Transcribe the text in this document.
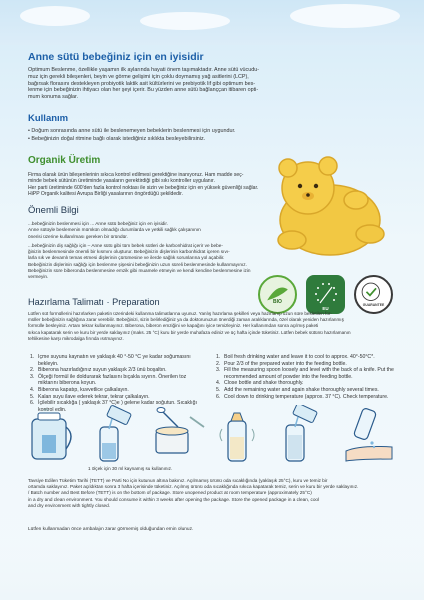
Anne sütü bebeğiniz için en iyisidir
Optimum Beslenme, özellikle yaşamın ilk aylarında hayati önem taşımaktadır. Anne sütü vücudu-
muz için gerekli bileşenleri, beyin ve görme gelişimi için çoklu doymamış yağ asitlerini (LCP),
bağırsak florasını destekleyen probiyotik laktik asit kültürlerini ve prebiyotik lif gibi optimum bes-
lenme için bebeğinizin ihtiyacı olan her şeyi içerir. Bu yüzden anne sütü bağlanççan itibaren opti-
mum konuma sağlar.
Kullanım
• Doğum sonrasında anne sütü ile beslenemeyen bebeklerin beslenmesi için uygundur.
• Bebeğinizin doğal ritmine bağlı olarak istediğiniz sıklıkta besleyebilirsiniz.
Organik Üretim
Firma olarak ürün bileşenlerinin sıkıca kontrol edilmesi gerektiğine inanıyoruz. Ham madde seç-
minde bebek sütünün üretiminde yasaların gerektirdiği gibi sıkı kontroller uygulanır.
Her parti üretiminde 600'den fazla kontrol noktası ile sizin ve bebeğiniz için en yüksek güvenliği sağlar.
HiPP Organik kalitesi Avrupa Birliği yasalarının öngördüğü şekildedir.
Önemli Bilgi
...bebeğinizin beslenmesi için ... Anne sütü bebeğiniz için en iyisidir.
Anne sütüyle beslemenin mümkün olmadığı durumlarda ve yetkili sağlık çalışanının
önerisi üzerine kullanılması gereken bir üründür.
...bebeğinizin diş sağlığı için – Anne sütü gibi tüm bebek sütleri de karbonhidrat içerir ve bebe-
ğinizin beslenmesinde önemli bir kısmını oluşturur. Bebeğinizin dişlerinin karbonhidrat içeren sıvı-
larla sık ve devamlı temas etmesi dişlerinin çürümesine ve ilerde sağlık sorunlarına yol açabilir.
Bebeğinizin dişlerinin sağlığı için beslenme şişesini bebeğinizin uzun süreli beslenmesinde kullanmayınız.
Bebeğinizin süre biberonda beslenmesine emzik gibi muamele etmeyin ve kendi kendine beslenmesine izin vermeyin.
BIO
EU
GUARANTEE
Hazırlama Talimatı · Preparation
Lütfen süt formüllerini hazırlarken paketin üzerindeki kullanma talimatlarına uyunuz. Yanlış hazırlama şekilleri veya hazırlanıp uzun süre bekletilen for-
müller bebeğinizin sağlığına zarar verebilir. Bebeğinizi, sizin belirlediğiniz ya da doktorunuzun önerdiği zaman aralıklarında, özel olarak yeniden hazırlanmış
formülle besleyiniz. Artanı tekrar kullanmayınız. Biberona, biberon emziğini ve kapağını iyice temizleyiniz. Her kullanımdan sonra açılmış paketi
sıkıca kapatarak serin ve kuru bir yerde saklayınız (maks. 25 °C) kuru bir yerde muhafaza ediniz ve üç hafta içinde tüketiniz. Lütfen bebek sütünü hazırlamanın
tehlikesine karşı mikrodalga fırında ısıtmayınız.
1. Içme suyunu kaynatın ve yaklaşık 40 °-50 °C ye kadar soğumasını bekleyin.
2. Biberona hazırladığınız suyun yaklaşık 2/3 ünü boşaltın.
3. Ölçeği formül ile doldurarak fazlasını bıçakla sıyırın. Önerilen toz miktarını biberona koyun.
4. Biberona kapatıp, kuvvetlice çalkalayın.
5. Kalan suyu ilave ederek tekrar, tekrar çalkalayın.
6. İçilebilir sıcaklığa ( yaklaşık 37 °C)e ) gelene kadar soğutun. Sıcaklığı kontrol edin.
1. Boil fresh drinking water and leave it to cool to approx. 40°-50°C*.
2. Pour 2/3 of the prepared water into the feeding bottle.
3. Fill the measuring spoon loosely and level with the back of a knife. Put the recommended amount of powder into the feeding bottle.
4. Close bottle and shake thoroughly.
5. Add the remaining water and again shake thoroughly several times.
6. Cool down to drinking temperature (approx. 37 °C). Check temperature.
1 ölçek için 30 ml kaynamış su kullanınız.
Tavsiye Edilen Tüketim Tarihi (TETT) ve Parti No için kutunun altına bakınız. Açılmamış ürünü oda sıcaklığında (yaklaşık 25°C), kuru ve temiz bir
ortamda saklayınız. Paket açıldıktan sonra 3 hafta içerisinde tüketiniz. Açılmış ürünü oda sıcaklığında sıkıca kapatarak temiz, serin ve kuru bir yerde saklayınız.
/ Batch number and Best Before (TETT) is on the bottom of package. Store unopened product at room temperature (approximately 25°C)
in a dry and clean environment. You should consume it within 3 weeks after opening the package. Store the opened package in a clean, cool
and dry environment with tightly closed.
Lütfen kullanmadan önce ambalajın zarar görmemiş olduğundan emin olunuz.
